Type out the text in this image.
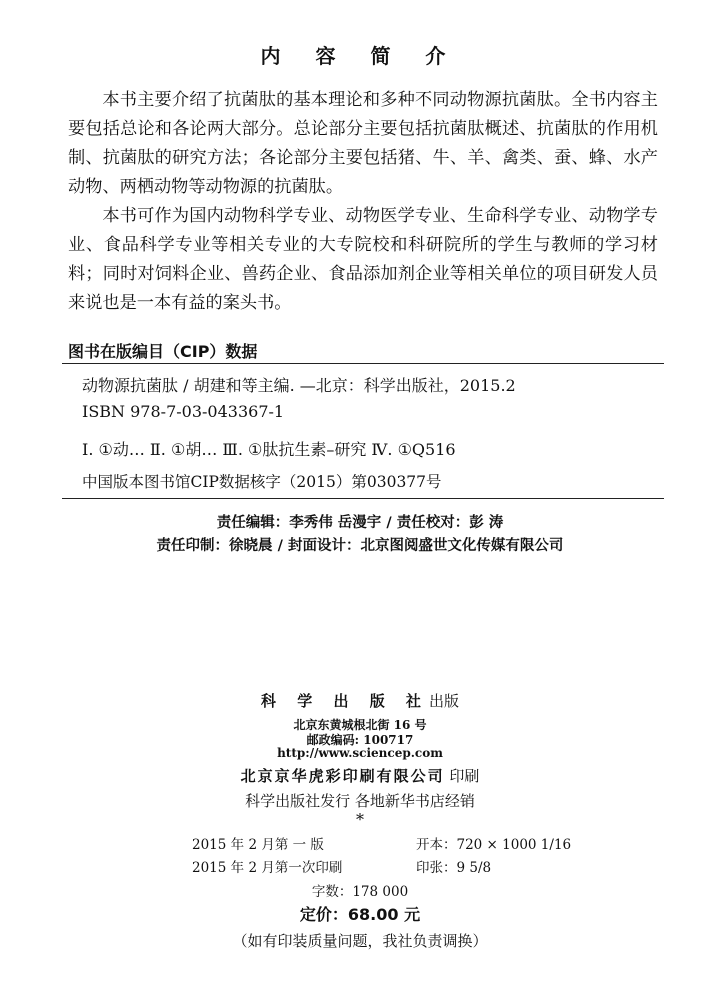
内 容 简 介

本书主要介绍了抗菌肽的基本理论和多种不同动物源抗菌肽。全书内容主要包括总论和各论两大部分。总论部分主要包括抗菌肽概述、抗菌肽的作用机制、抗菌肽的研究方法；各论部分主要包括猪、牛、羊、禽类、蚕、蜂、水产动物、两栖动物等动物源的抗菌肽。

本书可作为国内动物科学专业、动物医学专业、生命科学专业、动物学专业、食品科学专业等相关专业的大专院校和科研院所的学生与教师的学习材料；同时对饲料企业、兽药企业、食品添加剂企业等相关单位的项目研发人员来说也是一本有益的案头书。

图书在版编目（CIP）数据
动物源抗菌肽 / 胡建和等主编. —北京：科学出版社，2015.2
ISBN 978-7-03-043367-1
Ⅰ. ①动… Ⅱ. ①胡… Ⅲ. ①肽抗生素–研究 Ⅳ. ①Q516
中国版本图书馆CIP数据核字（2015）第030377号
责任编辑：李秀伟 岳漫宇 / 责任校对：彭 涛
责任印制：徐晓晨 / 封面设计：北京图阅盛世文化传媒有限公司
科 学 出 版 社出版
北京东黄城根北街 16 号
邮政编码: 100717
http://www.sciencep.com
北京京华虎彩印刷有限公司 印刷
科学出版社发行 各地新华书店经销
*
2015 年 2 月第 一 版	开本：720 × 1000 1/16
2015 年 2 月第一次印刷	印张：9 5/8
字数：178 000
定价：68.00 元
（如有印装质量问题，我社负责调换）
